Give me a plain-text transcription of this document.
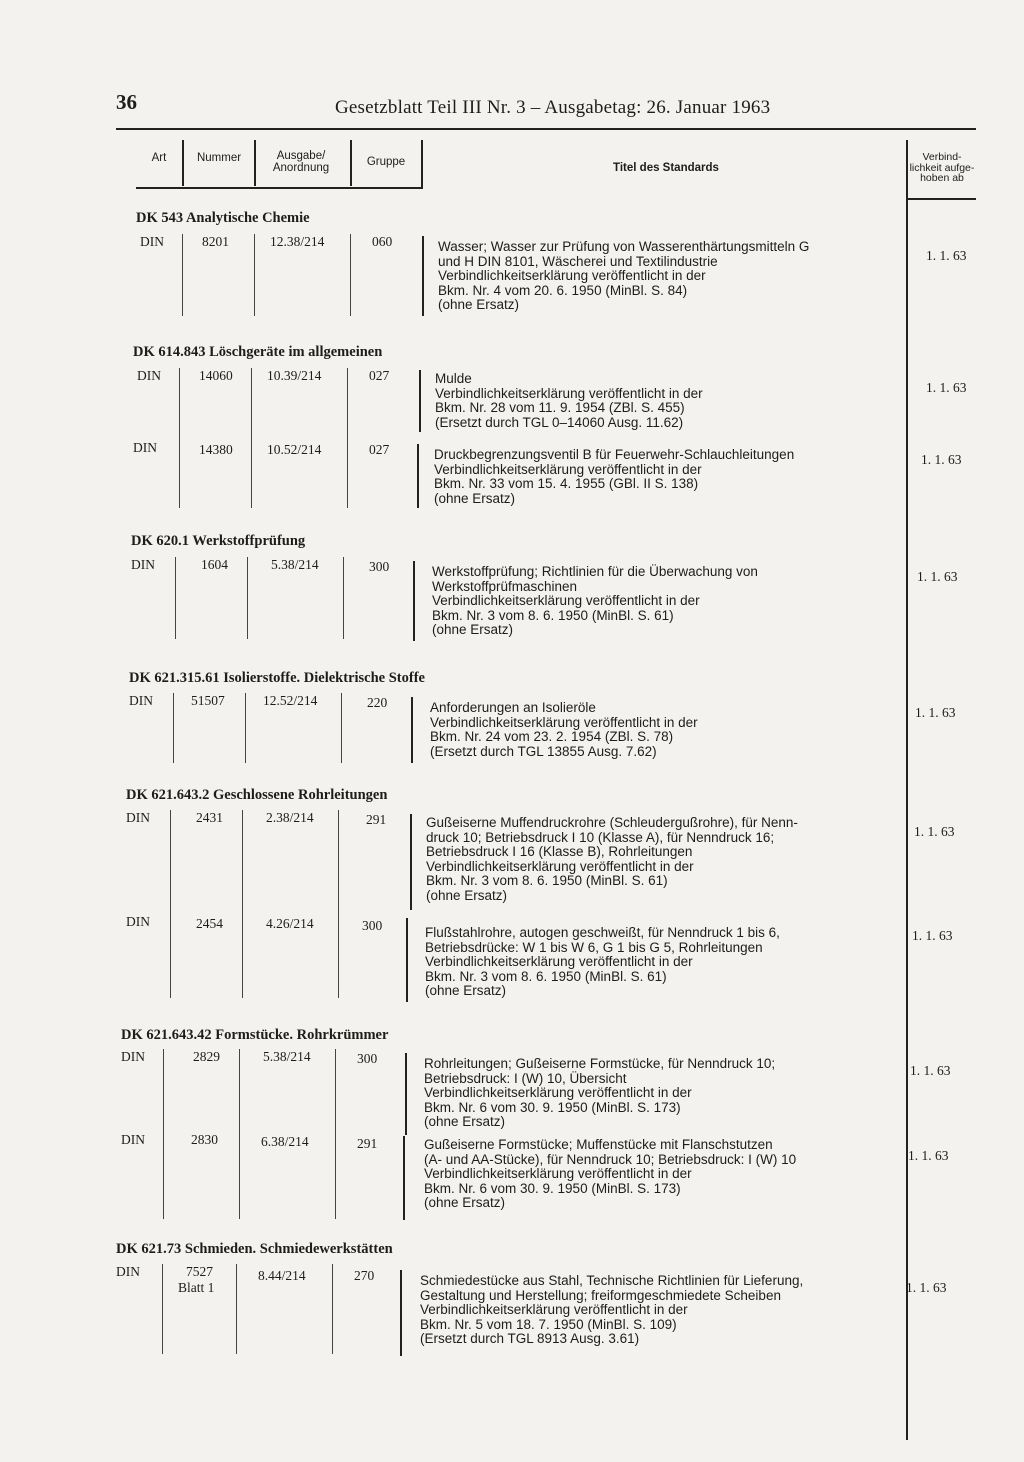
36	Gesetzblatt Teil III Nr. 3 – Ausgabetag: 26. Januar 1963
Art	Nummer	Ausgabe/ Anordnung	Gruppe	Titel des Standards
Verbind- lichkeit aufge- hoben ab
DK 543 Analytische Chemie
DIN	8201	12.38/214	060	Wasser; Wasser zur Prüfung von Wasserenthärtungsmitteln G
und H DIN 8101, Wäscherei und Textilindustrie
Verbindlichkeitserklärung veröffentlicht in der
Bkm. Nr. 4 vom 20. 6. 1950 (MinBl. S. 84)
(ohne Ersatz)
1. 1. 63
DK 614.843 Löschgeräte im allgemeinen
DIN	14060	10.39/214	027	Mulde
Verbindlichkeitserklärung veröffentlicht in der
Bkm. Nr. 28 vom 11. 9. 1954 (ZBl. S. 455)
(Ersetzt durch TGL 0–14060 Ausg. 11.62)
1. 1. 63
DIN	14380	10.52/214	027	Druckbegrenzungsventil B für Feuerwehr-Schlauchleitungen
Verbindlichkeitserklärung veröffentlicht in der
Bkm. Nr. 33 vom 15. 4. 1955 (GBl. II S. 138)
(ohne Ersatz)
1. 1. 63
DK 620.1 Werkstoffprüfung
DIN	1604	5.38/214	300	Werkstoffprüfung; Richtlinien für die Überwachung von
Werkstoffprüfmaschinen
Verbindlichkeitserklärung veröffentlicht in der
Bkm. Nr. 3 vom 8. 6. 1950 (MinBl. S. 61)
(ohne Ersatz)
1. 1. 63
DK 621.315.61 Isolierstoffe. Dielektrische Stoffe
DIN	51507	12.52/214	220	Anforderungen an Isolieröle
Verbindlichkeitserklärung veröffentlicht in der
Bkm. Nr. 24 vom 23. 2. 1954 (ZBl. S. 78)
(Ersetzt durch TGL 13855 Ausg. 7.62)
1. 1. 63
DK 621.643.2 Geschlossene Rohrleitungen
DIN	2431	2.38/214	291	Gußeiserne Muffendruckrohre (Schleudergußrohre), für Nenn-
druck 10; Betriebsdruck I 10 (Klasse A), für Nenndruck 16;
Betriebsdruck I 16 (Klasse B), Rohrleitungen
Verbindlichkeitserklärung veröffentlicht in der
Bkm. Nr. 3 vom 8. 6. 1950 (MinBl. S. 61)
(ohne Ersatz)
1. 1. 63
DIN	2454	4.26/214	300	Flußstahlrohre, autogen geschweißt, für Nenndruck 1 bis 6,
Betriebsdrücke: W 1 bis W 6, G 1 bis G 5, Rohrleitungen
Verbindlichkeitserklärung veröffentlicht in der
Bkm. Nr. 3 vom 8. 6. 1950 (MinBl. S. 61)
(ohne Ersatz)
1. 1. 63
DK 621.643.42 Formstücke. Rohrkrümmer
DIN	2829	5.38/214	300	Rohrleitungen; Gußeiserne Formstücke, für Nenndruck 10;
Betriebsdruck: I (W) 10, Übersicht
Verbindlichkeitserklärung veröffentlicht in der
Bkm. Nr. 6 vom 30. 9. 1950 (MinBl. S. 173)
(ohne Ersatz)
1. 1. 63
DIN	2830	6.38/214	291	Gußeiserne Formstücke; Muffenstücke mit Flanschstutzen
(A- und AA-Stücke), für Nenndruck 10; Betriebsdruck: I (W) 10
Verbindlichkeitserklärung veröffentlicht in der
Bkm. Nr. 6 vom 30. 9. 1950 (MinBl. S. 173)
(ohne Ersatz)
1. 1. 63
DK 621.73 Schmieden. Schmiedewerkstätten
DIN	7527
Blatt 1
8.44/214	270	Schmiedestücke aus Stahl, Technische Richtlinien für Lieferung,
Gestaltung und Herstellung; freiformgeschmiedete Scheiben
Verbindlichkeitserklärung veröffentlicht in der
Bkm. Nr. 5 vom 18. 7. 1950 (MinBl. S. 109)
(Ersetzt durch TGL 8913 Ausg. 3.61)
1. 1. 63
